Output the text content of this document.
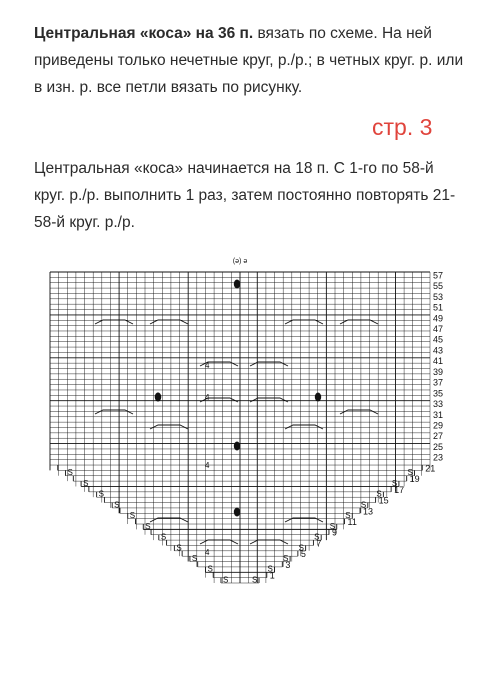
Центральная «коса» на 36 п. вязать по схеме. На ней приведены только нечетные круг, р./р.; в четных круг. р. или в изн. р. все петли вязать по рисунку.
стр. 3
Центральная «коса» начинается на 18 п. С 1-го по 58-й круг. р./р. выполнить 1 раз, затем постоянно повторять 21-58-й круг. р./р.
e (e)
4
4
4
4
S	S
S	S
S	S
S	S
S	S
S	S
S	S
S	S
S	S
S	S
S	S
57
55
53
51
49
47
45
43
41
39
37
35
33
31
29
27
25
23
21
19
17
15
13
11
9
7
5
3
1
